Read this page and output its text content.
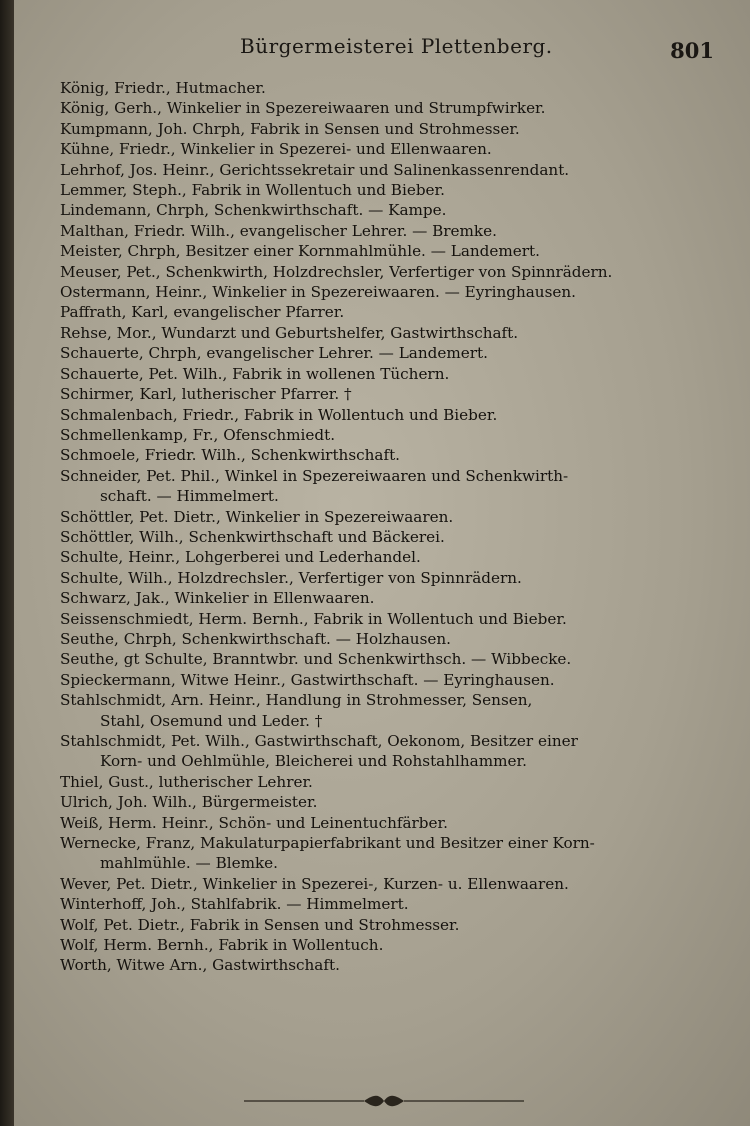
Bürgermeisterei Plettenberg.	801
König, Friedr., Hutmacher.
König, Gerh., Winkelier in Spezereiwaaren und Strumpfwirker.
Kumpmann, Joh. Chrph, Fabrik in Sensen und Strohmesser.
Kühne, Friedr., Winkelier in Spezerei- und Ellenwaaren.
Lehrhof, Jos. Heinr., Gerichtssekretair und Salinenkassenrendant.
Lemmer, Steph., Fabrik in Wollentuch und Bieber.
Lindemann, Chrph, Schenkwirthschaft. — Kampe.
Malthan, Friedr. Wilh., evangelischer Lehrer. — Bremke.
Meister, Chrph, Besitzer einer Kornmahlmühle. — Landemert.
Meuser, Pet., Schenkwirth, Holzdrechsler, Verfertiger von Spinnrädern.
Ostermann, Heinr., Winkelier in Spezereiwaaren. — Eyringhausen.
Paffrath, Karl, evangelischer Pfarrer.
Rehse, Mor., Wundarzt und Geburtshelfer, Gastwirthschaft.
Schauerte, Chrph, evangelischer Lehrer. — Landemert.
Schauerte, Pet. Wilh., Fabrik in wollenen Tüchern.
Schirmer, Karl, lutherischer Pfarrer. †
Schmalenbach, Friedr., Fabrik in Wollentuch und Bieber.
Schmellenkamp, Fr., Ofenschmiedt.
Schmoele, Friedr. Wilh., Schenkwirthschaft.
Schneider, Pet. Phil., Winkel in Spezereiwaaren und Schenkwirth-
schaft. — Himmelmert.
Schöttler, Pet. Dietr., Winkelier in Spezereiwaaren.
Schöttler, Wilh., Schenkwirthschaft und Bäckerei.
Schulte, Heinr., Lohgerberei und Lederhandel.
Schulte, Wilh., Holzdrechsler., Verfertiger von Spinnrädern.
Schwarz, Jak., Winkelier in Ellenwaaren.
Seissenschmiedt, Herm. Bernh., Fabrik in Wollentuch und Bieber.
Seuthe, Chrph, Schenkwirthschaft. — Holzhausen.
Seuthe, gt Schulte, Branntwbr. und Schenkwirthsch. — Wibbecke.
Spieckermann, Witwe Heinr., Gastwirthschaft. — Eyringhausen.
Stahlschmidt, Arn. Heinr., Handlung in Strohmesser, Sensen,
Stahl, Osemund und Leder. †
Stahlschmidt, Pet. Wilh., Gastwirthschaft, Oekonom, Besitzer einer
Korn- und Oehlmühle, Bleicherei und Rohstahlhammer.
Thiel, Gust., lutherischer Lehrer.
Ulrich, Joh. Wilh., Bürgermeister.
Weiß, Herm. Heinr., Schön- und Leinentuchfärber.
Wernecke, Franz, Makulaturpapierfabrikant und Besitzer einer Korn-
mahlmühle. — Blemke.
Wever, Pet. Dietr., Winkelier in Spezerei-, Kurzen- u. Ellenwaaren.
Winterhoff, Joh., Stahlfabrik. — Himmelmert.
Wolf, Pet. Dietr., Fabrik in Sensen und Strohmesser.
Wolf, Herm. Bernh., Fabrik in Wollentuch.
Worth, Witwe Arn., Gastwirthschaft.
